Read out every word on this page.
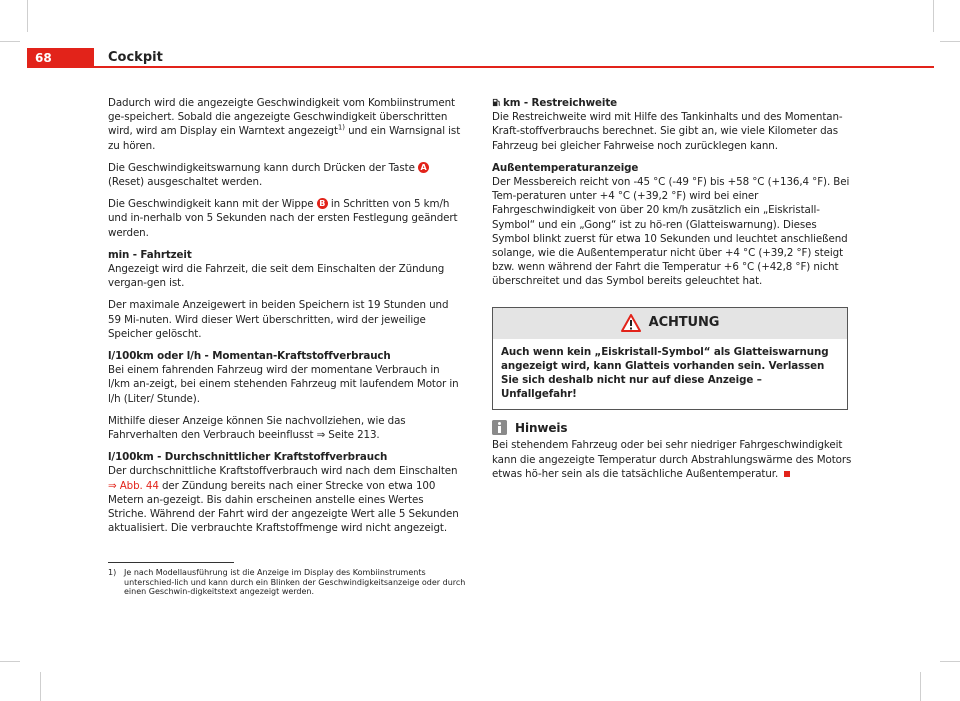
68	Cockpit

Dadurch wird die angezeigte Geschwindigkeit vom Kombiinstrument ge-speichert. Sobald die angezeigte Geschwindigkeit überschritten wird, wird am Display ein Warntext angezeigt$^{1)}$ und ein Warnsignal ist zu hören.

Die Geschwindigkeitswarnung kann durch Drücken der Taste A (Reset) ausgeschaltet werden.

Die Geschwindigkeit kann mit der Wippe B in Schritten von 5 km/h und in-nerhalb von 5 Sekunden nach der ersten Festlegung geändert werden.

min - Fahrtzeit

Angezeigt wird die Fahrzeit, die seit dem Einschalten der Zündung vergan-gen ist.

Der maximale Anzeigewert in beiden Speichern ist 19 Stunden und 59 Mi-nuten. Wird dieser Wert überschritten, wird der jeweilige Speicher gelöscht.

l/100km oder l/h - Momentan-Kraftstoffverbrauch

Bei einem fahrenden Fahrzeug wird der momentane Verbrauch in l/km an-zeigt, bei einem stehenden Fahrzeug mit laufendem Motor in l/h (Liter/ Stunde).

Mithilfe dieser Anzeige können Sie nachvollziehen, wie das Fahrverhalten den Verbrauch beeinflusst ⇒ Seite 213.

l/100km - Durchschnittlicher Kraftstoffverbrauch

Der durchschnittliche Kraftstoffverbrauch wird nach dem Einschalten ⇒ Abb. 44 der Zündung bereits nach einer Strecke von etwa 100 Metern an-gezeigt. Bis dahin erscheinen anstelle eines Wertes Striche. Während der Fahrt wird der angezeigte Wert alle 5 Sekunden aktualisiert. Die verbrauchte Kraftstoffmenge wird nicht angezeigt.

km - Restreichweite

Die Restreichweite wird mit Hilfe des Tankinhalts und des Momentan-Kraft-stoffverbrauchs berechnet. Sie gibt an, wie viele Kilometer das Fahrzeug bei gleicher Fahrweise noch zurücklegen kann.

Außentemperaturanzeige

Der Messbereich reicht von -45 °C (-49 °F) bis +58 °C (+136,4 °F). Bei Tem-peraturen unter +4 °C (+39,2 °F) wird bei einer Fahrgeschwindigkeit von über 20 km/h zusätzlich ein „Eiskristall-Symbol“ und ein „Gong“ ist zu hö-ren (Glatteiswarnung). Dieses Symbol blinkt zuerst für etwa 10 Sekunden und leuchtet anschließend solange, wie die Außentemperatur nicht über +4 °C (+39,2 °F) steigt bzw. wenn während der Fahrt die Temperatur +6 °C (+42,8 °F) nicht überschreitet und das Symbol bereits geleuchtet hat.

ACHTUNG
Auch wenn kein „Eiskristall-Symbol“ als Glatteiswarnung angezeigt wird, kann Glatteis vorhanden sein. Verlassen Sie sich deshalb nicht nur auf diese Anzeige – Unfallgefahr!
Hinweis

Bei stehendem Fahrzeug oder bei sehr niedriger Fahrgeschwindigkeit kann die angezeigte Temperatur durch Abstrahlungswärme des Motors etwas hö-her sein als die tatsächliche Außentemperatur.

1) Je nach Modellausführung ist die Anzeige im Display des Kombiinstruments unterschied-lich und kann durch ein Blinken der Geschwindigkeitsanzeige oder durch einen Geschwin-digkeitstext angezeigt werden.
